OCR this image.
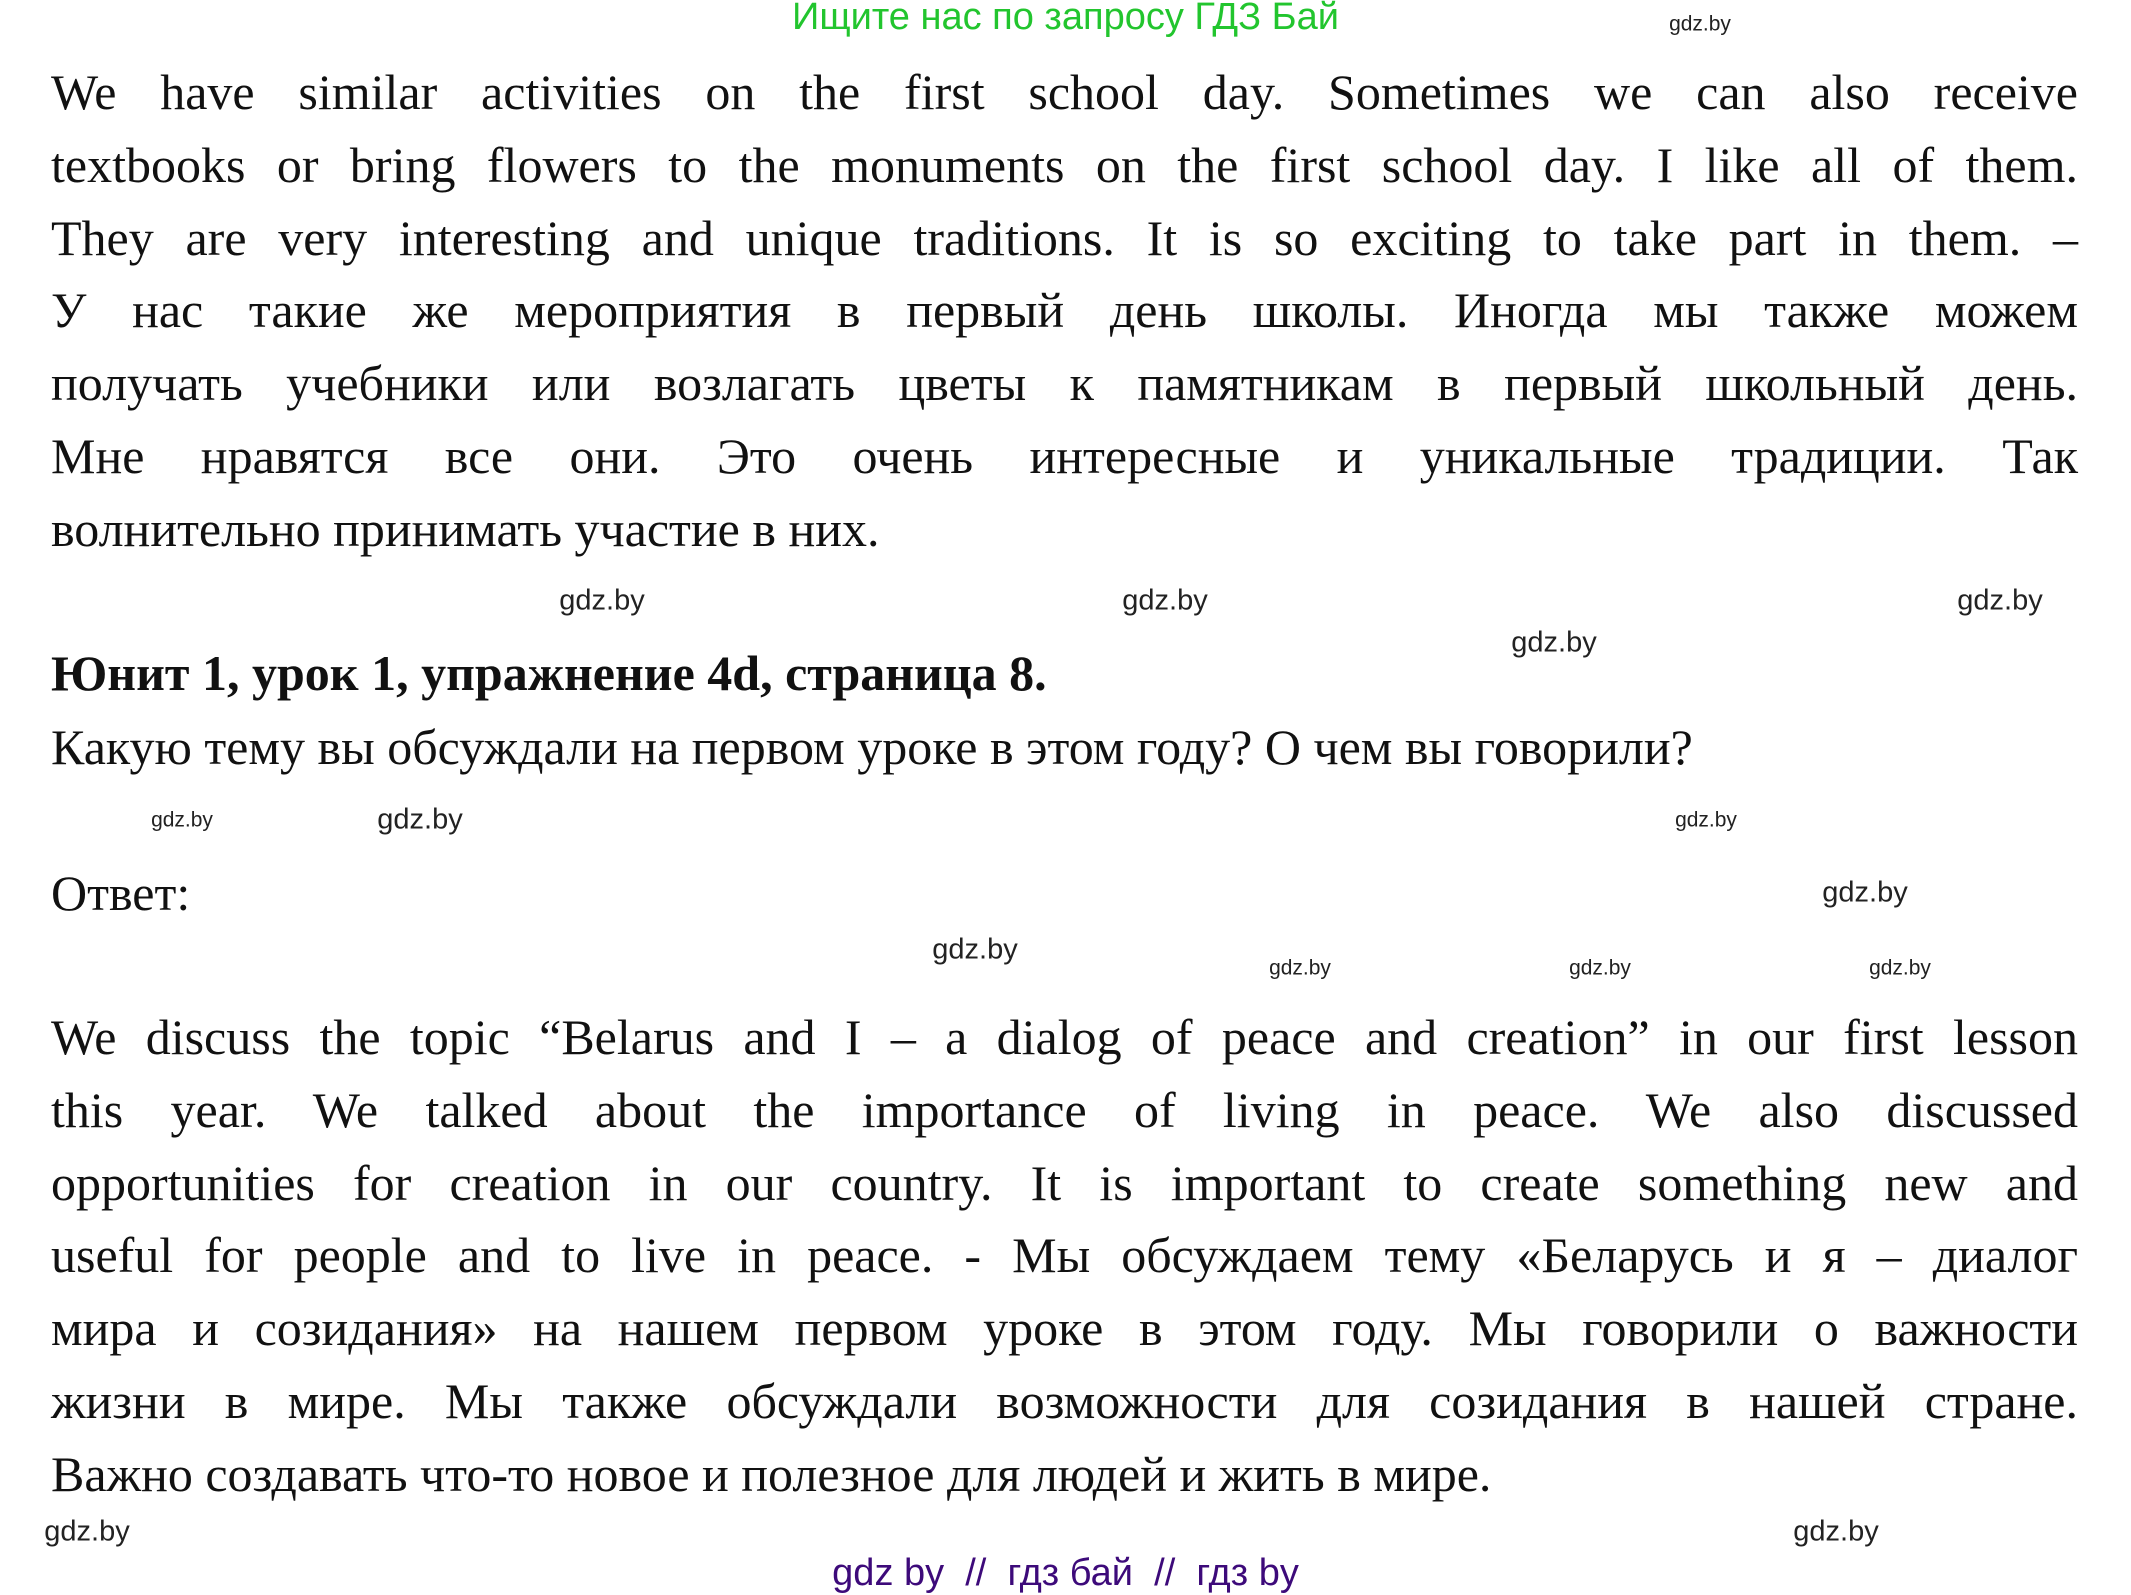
Ищите нас по запросу ГДЗ Бай
We have similar activities on the first school day. Sometimes we can also receive
textbooks or bring flowers to the monuments on the first school day. I like all of them.
They are very interesting and unique traditions. It is so exciting to take part in them. –
У нас такие же мероприятия в первый день школы. Иногда мы также можем
получать учебники или возлагать цветы к памятникам в первый школьный день.
Мне нравятся все они. Это очень интересные и уникальные традиции. Так
волнительно принимать участие в них.
Юнит 1, урок 1, упражнение 4d, страница 8.
Какую тему вы обсуждали на первом уроке в этом году? О чем вы говорили?
Ответ:
We discuss the topic “Belarus and I – a dialog of peace and creation” in our first lesson
this year. We talked about the importance of living in peace. We also discussed
opportunities for creation in our country. It is important to create something new and
useful for people and to live in peace. - Мы обсуждаем тему «Беларусь и я – диалог
мира и созидания» на нашем первом уроке в этом году. Мы говорили о важности
жизни в мире. Мы также обсуждали возможности для созидания в нашей стране.
Важно создавать что-то новое и полезное для людей и жить в мире.
gdz.by
gdz.by
gdz.by	gdz.by
gdz.by
gdz.by
gdz.by
gdz.by
gdz.by
gdz.by
gdz.by
gdz.by	gdz.by
gdz.by
gdz.by
gdz by  //  гдз бай  //  гдз by
